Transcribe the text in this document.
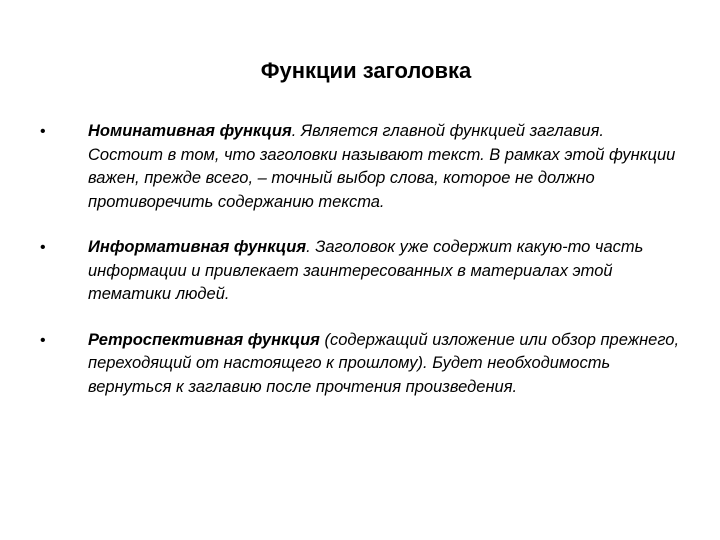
Функции заголовка
•	Номинативная функция. Является главной функцией заглавия. Состоит в том, что заголовки называют текст. В рамках этой функции важен, прежде всего, – точный выбор слова, которое не должно противоречить содержанию текста.
•	Информативная функция. Заголовок уже содержит какую-то часть информации и привлекает заинтересованных в материалах этой тематики людей.
•	Ретроспективная функция (содержащий изложение или обзор прежнего, переходящий от настоящего к прошлому). Будет необходимость вернуться к заглавию после прочтения произведения.
